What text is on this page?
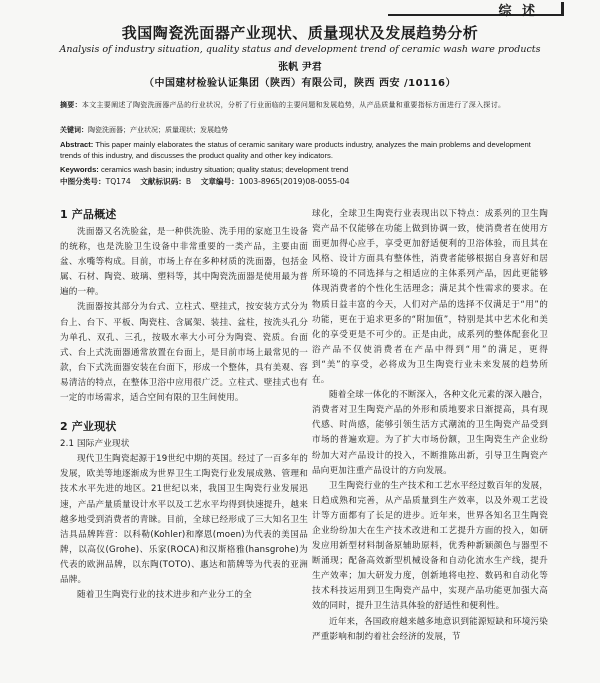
综 述
我国陶瓷洗面器产业现状、质量现状及发展趋势分析
Analysis of industry situation, quality status and development trend of ceramic wash ware products
张帆 尹君
（中国建材检验认证集团（陕西）有限公司，陕西 西安 /10116）
摘要：本文主要阐述了陶瓷洗面器产品的行业状况，分析了行业面临的主要问题和发展趋势，从产品质量和重要指标方面进行了深入探讨。
关键词：陶瓷洗面器；产业状况；质量现状；发展趋势
Abstract: This paper mainly elaborates the status of ceramic sanitary ware products industry, analyzes the main problems and development trends of this industry, and discusses the product quality and other key indicators.
Keywords: ceramics wash basin; industry situation; quality status; development trend
中图分类号：TQ174 文献标识码：B 文章编号：1003-8965(2019)08-0055-04
1 产品概述

洗面器又名洗脸盆，是一种供洗脸、洗手用的家庭卫生设备的统称，也是洗脸卫生设备中非常重要的一类产品，主要由面盆、水嘴等构成。目前，市场上存在多种材质的洗面器，包括金属、石材、陶瓷、玻璃、塑料等，其中陶瓷洗面器是使用最为普遍的一种。

洗面器按其部分为台式、立柱式、壁挂式，按安装方式分为台上、台下、平板、陶瓷柱、含属架、装挂、盆柱，按洗头孔分为单孔、双孔、三孔，按吸水率大小可分为陶瓷、瓷质。台面式、台上式洗面器通常放置在台面上，是目前市场上最常见的一款，台下式洗面器安装在台面下，形成一个整体，具有美观、容易清洁的特点，在整体卫浴中应用很广泛。立柱式、壁挂式也有一定的市场需求，适合空间有限的卫生间使用。

2 产业现状
2.1 国际产业现状

现代卫生陶瓷起源于19世纪中期的英国。经过了一百多年的发展，欧美等地逐渐成为世界卫生工陶瓷行业发展成熟、管理和技术水平先进的地区。21世纪以来，我国卫生陶瓷行业发展迅速，产品产量质量设计水平以及工艺水平均得到快速提升，越来越多地受到消费者的青睐。目前，全球已经形成了三大知名卫生洁具品牌阵营：以科勒(Kohler)和摩恩(moen)为代表的美国品牌，以高仪(Grohe)、乐家(ROCA)和汉斯格雅(hansgrohe)为代表的欧洲品牌，以东陶(TOTO)、惠达和箭牌等为代表的亚洲品牌。

随着卫生陶瓷行业的技术进步和产业分工的全

球化，全球卫生陶瓷行业表现出以下特点：成系列的卫生陶瓷产品不仅能够在功能上做到协调一致，使消费者在使用方面更加得心应手，享受更加舒适便利的卫浴体验，而且其在风格、设计方面具有整体性，消费者能够根据自身喜好和居所环境的不同选择与之相适应的主体系列产品，因此更能够体现消费者的个性化生活理念；满足其个性需求的要求。在物质日益丰富的今天，人们对产品的选择不仅满足于“用”的功能，更在于追求更多的“附加值”，特别是其中艺术化和美化的享受更是不可少的。正是由此，成系列的整体配套化卫浴产品不仅使消费者在产品中得到“用”的满足，更得到“美”的享受，必将成为卫生陶瓷行业未来发展的趋势所在。

随着全球一体化的不断深入，各种文化元素的深入融合，消费者对卫生陶瓷产品的外形和质地要求日渐提高，具有现代感、时尚感，能够引领生活方式潮流的卫生陶瓷产品受到市场的普遍欢迎。为了扩大市场份额，卫生陶瓷生产企业纷纷加大对产品设计的投入，不断推陈出新，引导卫生陶瓷产品向更加注重产品设计的方向发展。

卫生陶瓷行业的生产技术和工艺水平经过数百年的发展，日趋成熟和完善，从产品质量到生产效率，以及外观工艺设计等方面都有了长足的进步。近年来，世界各知名卫生陶瓷企业纷纷加大在生产技术改进和工艺提升方面的投入，如研发应用新型材料制备原辅助原料，优秀种新颖颜色与器型不断涌现；配备高效新型机械设备和自动化流水生产线，提升生产效率；加大研发力度，创新地将电控、数码和自动化等技术科技运用到卫生陶瓷产品中，实现产品功能更加强大高效的同时，提升卫生洁具体验的舒适性和便利性。

近年来，各国政府越来越多地意识到能源短缺和环境污染严重影响和制约着社会经济的发展，节
